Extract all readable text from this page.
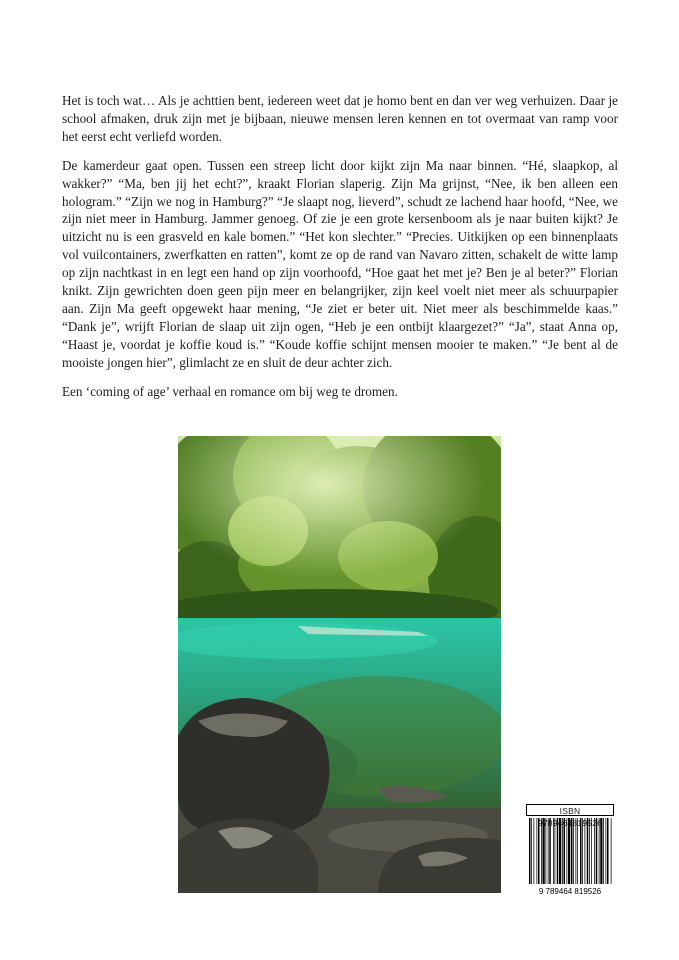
Het is toch wat… Als je achttien bent, iedereen weet dat je homo bent en dan ver weg verhuizen. Daar je school afmaken, druk zijn met je bijbaan, nieuwe mensen leren kennen en tot overmaat van ramp voor het eerst echt verliefd worden.

De kamerdeur gaat open. Tussen een streep licht door kijkt zijn Ma naar binnen. “Hé, slaapkop, al wakker?” “Ma, ben jij het echt?”, kraakt Florian slaperig. Zijn Ma grijnst, “Nee, ik ben alleen een hologram.” “Zijn we nog in Hamburg?” “Je slaapt nog, lieverd”, schudt ze lachend haar hoofd, “Nee, we zijn niet meer in Hamburg. Jammer genoeg. Of zie je een grote kersenboom als je naar buiten kijkt? Je uitzicht nu is een grasveld en kale bomen.” “Het kon slechter.” “Precies. Uitkijken op een binnenplaats vol vuilcontainers, zwerfkatten en ratten”, komt ze op de rand van Navaro zitten, schakelt de witte lamp op zijn nachtkast in en legt een hand op zijn voorhoofd, “Hoe gaat het met je? Ben je al beter?” Florian knikt. Zijn gewrichten doen geen pijn meer en belangrijker, zijn keel voelt niet meer als schuurpapier aan. Zijn Ma geeft opgewekt haar mening, “Je ziet er beter uit. Niet meer als beschimmelde kaas.” “Dank je”, wrijft Florian de slaap uit zijn ogen, “Heb je een ontbijt klaargezet?” “Ja”, staat Anna op, “Haast je, voordat je koffie koud is.” “Koude koffie schijnt mensen mooier te maken.” “Je bent al de mooiste jongen hier”, glimlacht ze en sluit de deur achter zich.

Een ‘coming of age’ verhaal en romance om bij weg te dromen.

ISBN
9 789464 819526
